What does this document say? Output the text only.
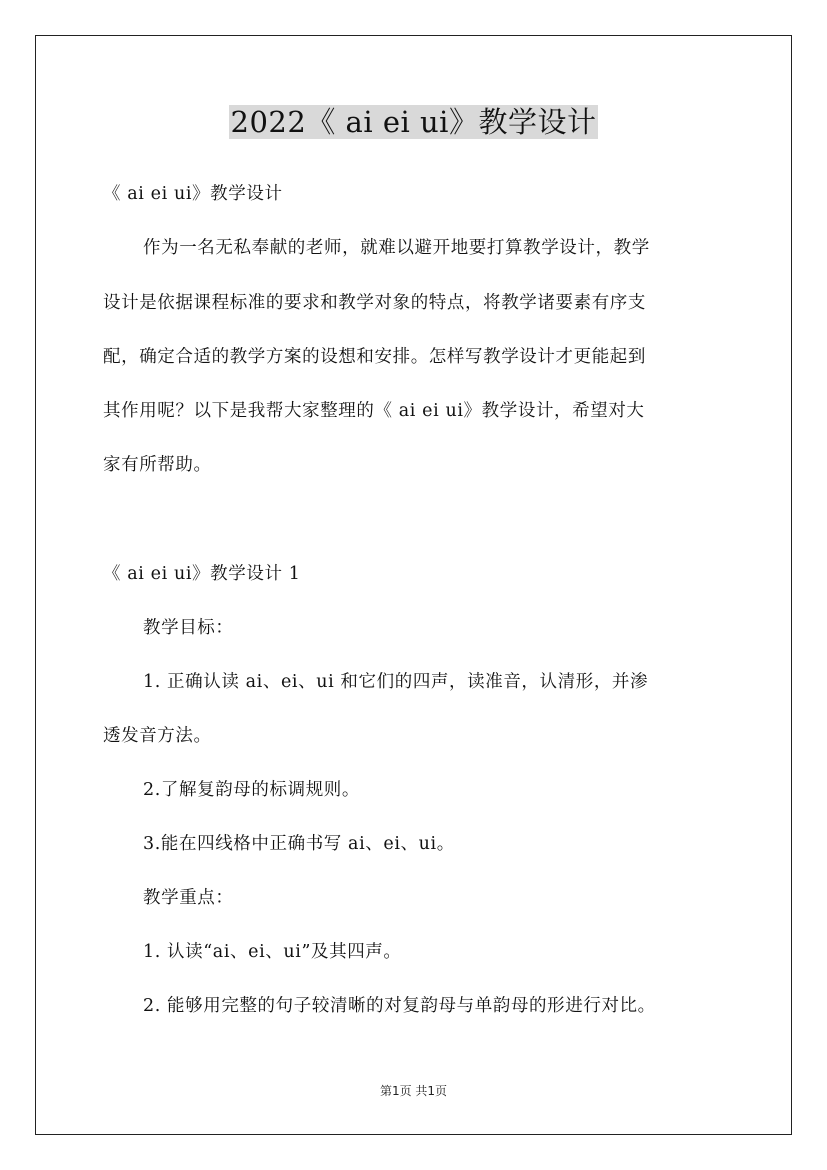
2022《 ai ei ui》教学设计
《 ai ei ui》教学设计
作为一名无私奉献的老师，就难以避开地要打算教学设计，教学
设计是依据课程标准的要求和教学对象的特点，将教学诸要素有序支
配，确定合适的教学方案的设想和安排。怎样写教学设计才更能起到
其作用呢？以下是我帮大家整理的《 ai ei ui》教学设计，希望对大
家有所帮助。
《 ai ei ui》教学设计 1
教学目标：
1. 正确认读 ai、ei、ui 和它们的四声，读准音，认清形，并渗
透发音方法。
2.了解复韵母的标调规则。
3.能在四线格中正确书写 ai、ei、ui。
教学重点：
1. 认读“ai、ei、ui”及其四声。
2. 能够用完整的句子较清晰的对复韵母与单韵母的形进行对比。
第1页 共1页
